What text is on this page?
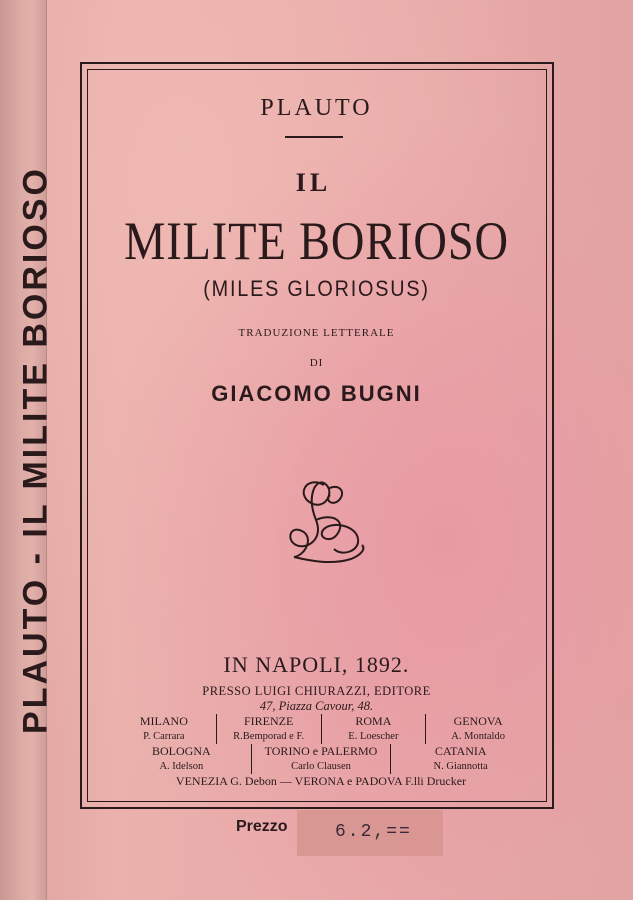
PLAUTO - IL MILITE BORIOSO
PLAUTO
IL
MILITE BORIOSO
(MILES GLORIOSUS)
TRADUZIONE LETTERALE
DI
GIACOMO BUGNI
IN NAPOLI, 1892.
PRESSO LUIGI CHIURAZZI, EDITORE
47, Piazza Cavour, 48.
MILANO	FIRENZE	ROMA	GENOVA
P. Carrara	R.Bemporad e F.	E. Loescher	A. Montaldo
BOLOGNA	TORINO e PALERMO	CATANIA
A. Idelson	Carlo Clausen	N. Giannotta
VENEZIA G. Debon — VERONA e PADOVA F.lli Drucker
Prezzo	6.2,==
